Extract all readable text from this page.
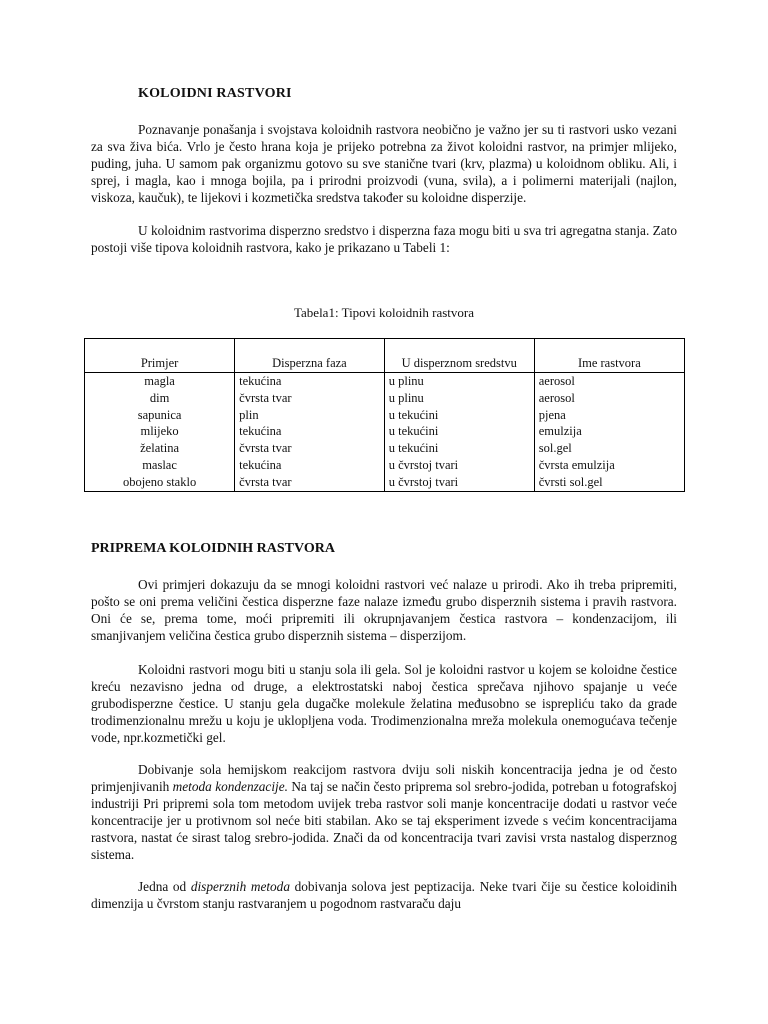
KOLOIDNI RASTVORI

Poznavanje ponašanja i svojstava koloidnih rastvora neobično je važno jer su ti rastvori usko vezani za sva živa bića. Vrlo je često hrana koja je prijeko potrebna za život koloidni rastvor, na primjer mlijeko, puding, juha. U samom pak organizmu gotovo su sve stanične tvari (krv, plazma) u koloidnom obliku. Ali, i sprej, i magla, kao i mnoga bojila, pa i prirodni proizvodi (vuna, svila), a i polimerni materijali (najlon, viskoza, kaučuk), te lijekovi i kozmetička sredstva također su koloidne disperzije.

U koloidnim rastvorima disperzno sredstvo i disperzna faza mogu biti u sva tri agregatna stanja. Zato postoji više tipova koloidnih rastvora, kako je prikazano u Tabeli 1:

Tabela1: Tipovi koloidnih rastvora
Primjer	Disperzna faza	U disperznom sredstvu	Ime rastvora
magla	tekućina	u plinu	aerosol
dim	čvrsta tvar	u plinu	aerosol
sapunica	plin	u tekućini	pjena
mlijeko	tekućina	u tekućini	emulzija
želatina	čvrsta tvar	u tekućini	sol.gel
maslac	tekućina	u čvrstoj tvari	čvrsta emulzija
obojeno staklo	čvrsta tvar	u čvrstoj tvari	čvrsti sol.gel
PRIPREMA KOLOIDNIH RASTVORA

Ovi primjeri dokazuju da se mnogi koloidni rastvori već nalaze u prirodi. Ako ih treba pripremiti, pošto se oni prema veličini čestica disperzne faze nalaze između grubo disperznih sistema i pravih rastvora. Oni će se, prema tome, moći pripremiti ili okrupnjavanjem čestica rastvora – kondenzacijom, ili smanjivanjem veličina čestica grubo disperznih sistema – disperzijom.

Koloidni rastvori mogu biti u stanju sola ili gela. Sol je koloidni rastvor u kojem se koloidne čestice kreću nezavisno jedna od druge, a elektrostatski naboj čestica sprečava njihovo spajanje u veće grubodisperzne čestice. U stanju gela dugačke molekule želatina međusobno se isprepliću tako da grade trodimenzionalnu mrežu u koju je uklopljena voda. Trodimenzionalna mreža molekula onemogućava tečenje vode, npr.kozmetički gel.

Dobivanje sola hemijskom reakcijom rastvora dviju soli niskih koncentracija jedna je od često primjenjivanih metoda kondenzacije. Na taj se način često priprema sol srebro-jodida, potreban u fotografskoj industriji Pri pripremi sola tom metodom uvijek treba rastvor soli manje koncentracije dodati u rastvor veće koncentracije jer u protivnom sol neće biti stabilan. Ako se taj eksperiment izvede s većim koncentracijama rastvora, nastat će sirast talog srebro-jodida. Znači da od koncentracija tvari zavisi vrsta nastalog disperznog sistema.

Jedna od disperznih metoda dobivanja solova jest peptizacija. Neke tvari čije su čestice koloidinih dimenzija u čvrstom stanju rastvaranjem u pogodnom rastvaraču daju
